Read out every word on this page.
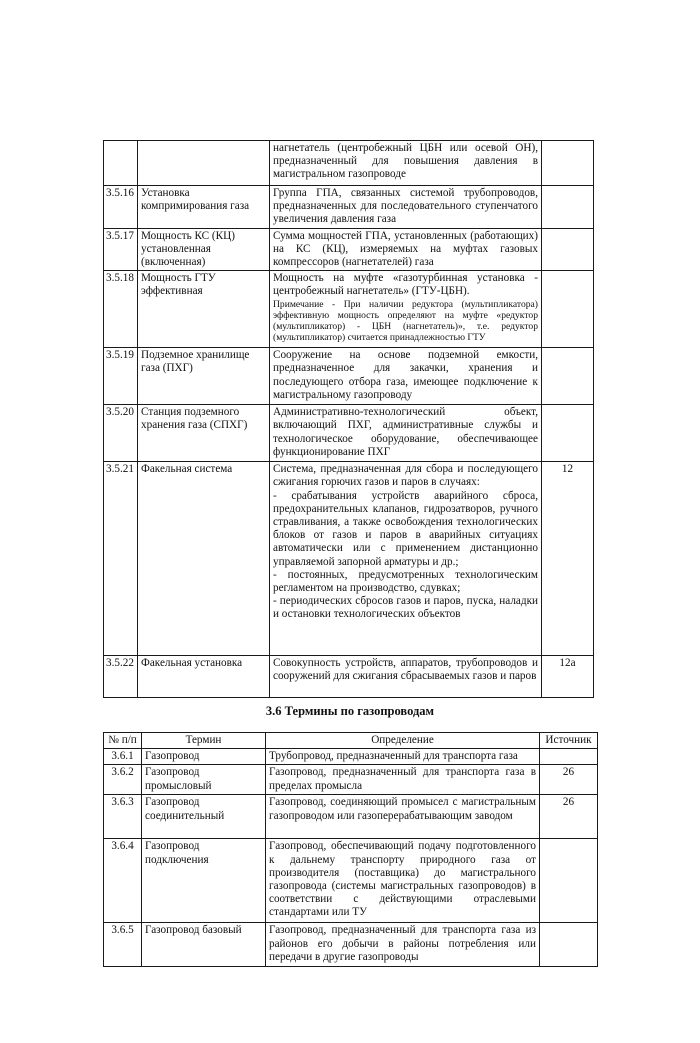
		нагнетатель (центробежный ЦБН или осевой ОН), предназначенный для повышения давления в магистральном газопроводе	
3.5.16	Установка компримирования газа	Группа ГПА, связанных системой трубопроводов, предназначенных для последовательного ступенчатого увеличения давления газа	
3.5.17	Мощность КС (КЦ) установленная (включенная)	Сумма мощностей ГПА, установленных (работающих) на КС (КЦ), измеряемых на муфтах газовых компрессоров (нагнетателей) газа	
3.5.18	Мощность ГТУ эффективная	Мощность на муфте «газотурбинная установка - центробежный нагнетатель» (ГТУ-ЦБН).
Примечание - При наличии редуктора (мультипликатора) эффективную мощность определяют на муфте «редуктор (мультипликатор) - ЦБН (нагнетатель)», т.е. редуктор (мультипликатор) считается принадлежностью ГТУ	

3.5.19	Подземное хранилище газа (ПХГ)	Сооружение на основе подземной емкости, предназначенное для закачки, хранения и последующего отбора газа, имеющее подключение к магистральному газопроводу	
3.5.20	Станция подземного хранения газа (СПХГ)	Административно-технологический объект, включающий ПХГ, административные службы и технологическое оборудование, обеспечивающее функционирование ПХГ	
3.5.21	Факельная система	Система, предназначенная для сбора и последующего сжигания горючих газов и паров в случаях:
- срабатывания устройств аварийного сброса, предохранительных клапанов, гидрозатворов, ручного стравливания, а также освобождения технологических блоков от газов и паров в аварийных ситуациях автоматически или с применением дистанционно управляемой запорной арматуры и др.;
- постоянных, предусмотренных технологическим регламентом на производство, сдувках;
- периодических сбросов газов и паров, пуска, наладки и остановки технологических объектов	12
3.5.22	Факельная установка	Совокупность устройств, аппаратов, трубопроводов и сооружений для сжигания сбрасываемых газов и паров	12а
3.6 Термины по газопроводам
№ п/п	Термин	Определение	Источник
3.6.1	Газопровод	Трубопровод, предназначенный для транспорта газа	
3.6.2	Газопровод промысловый	Газопровод, предназначенный для транспорта газа в пределах промысла	26
3.6.3	Газопровод соединительный	Газопровод, соединяющий промысел с магистральным газопроводом или газоперерабатывающим заводом	26
3.6.4	Газопровод подключения	Газопровод, обеспечивающий подачу подготовленного к дальнему транспорту природного газа от производителя (поставщика) до магистрального газопровода (системы магистральных газопроводов) в соответствии с действующими отраслевыми стандартами или ТУ	
3.6.5	Газопровод базовый	Газопровод, предназначенный для транспорта газа из районов его добычи в районы потребления или передачи в другие газопроводы	
